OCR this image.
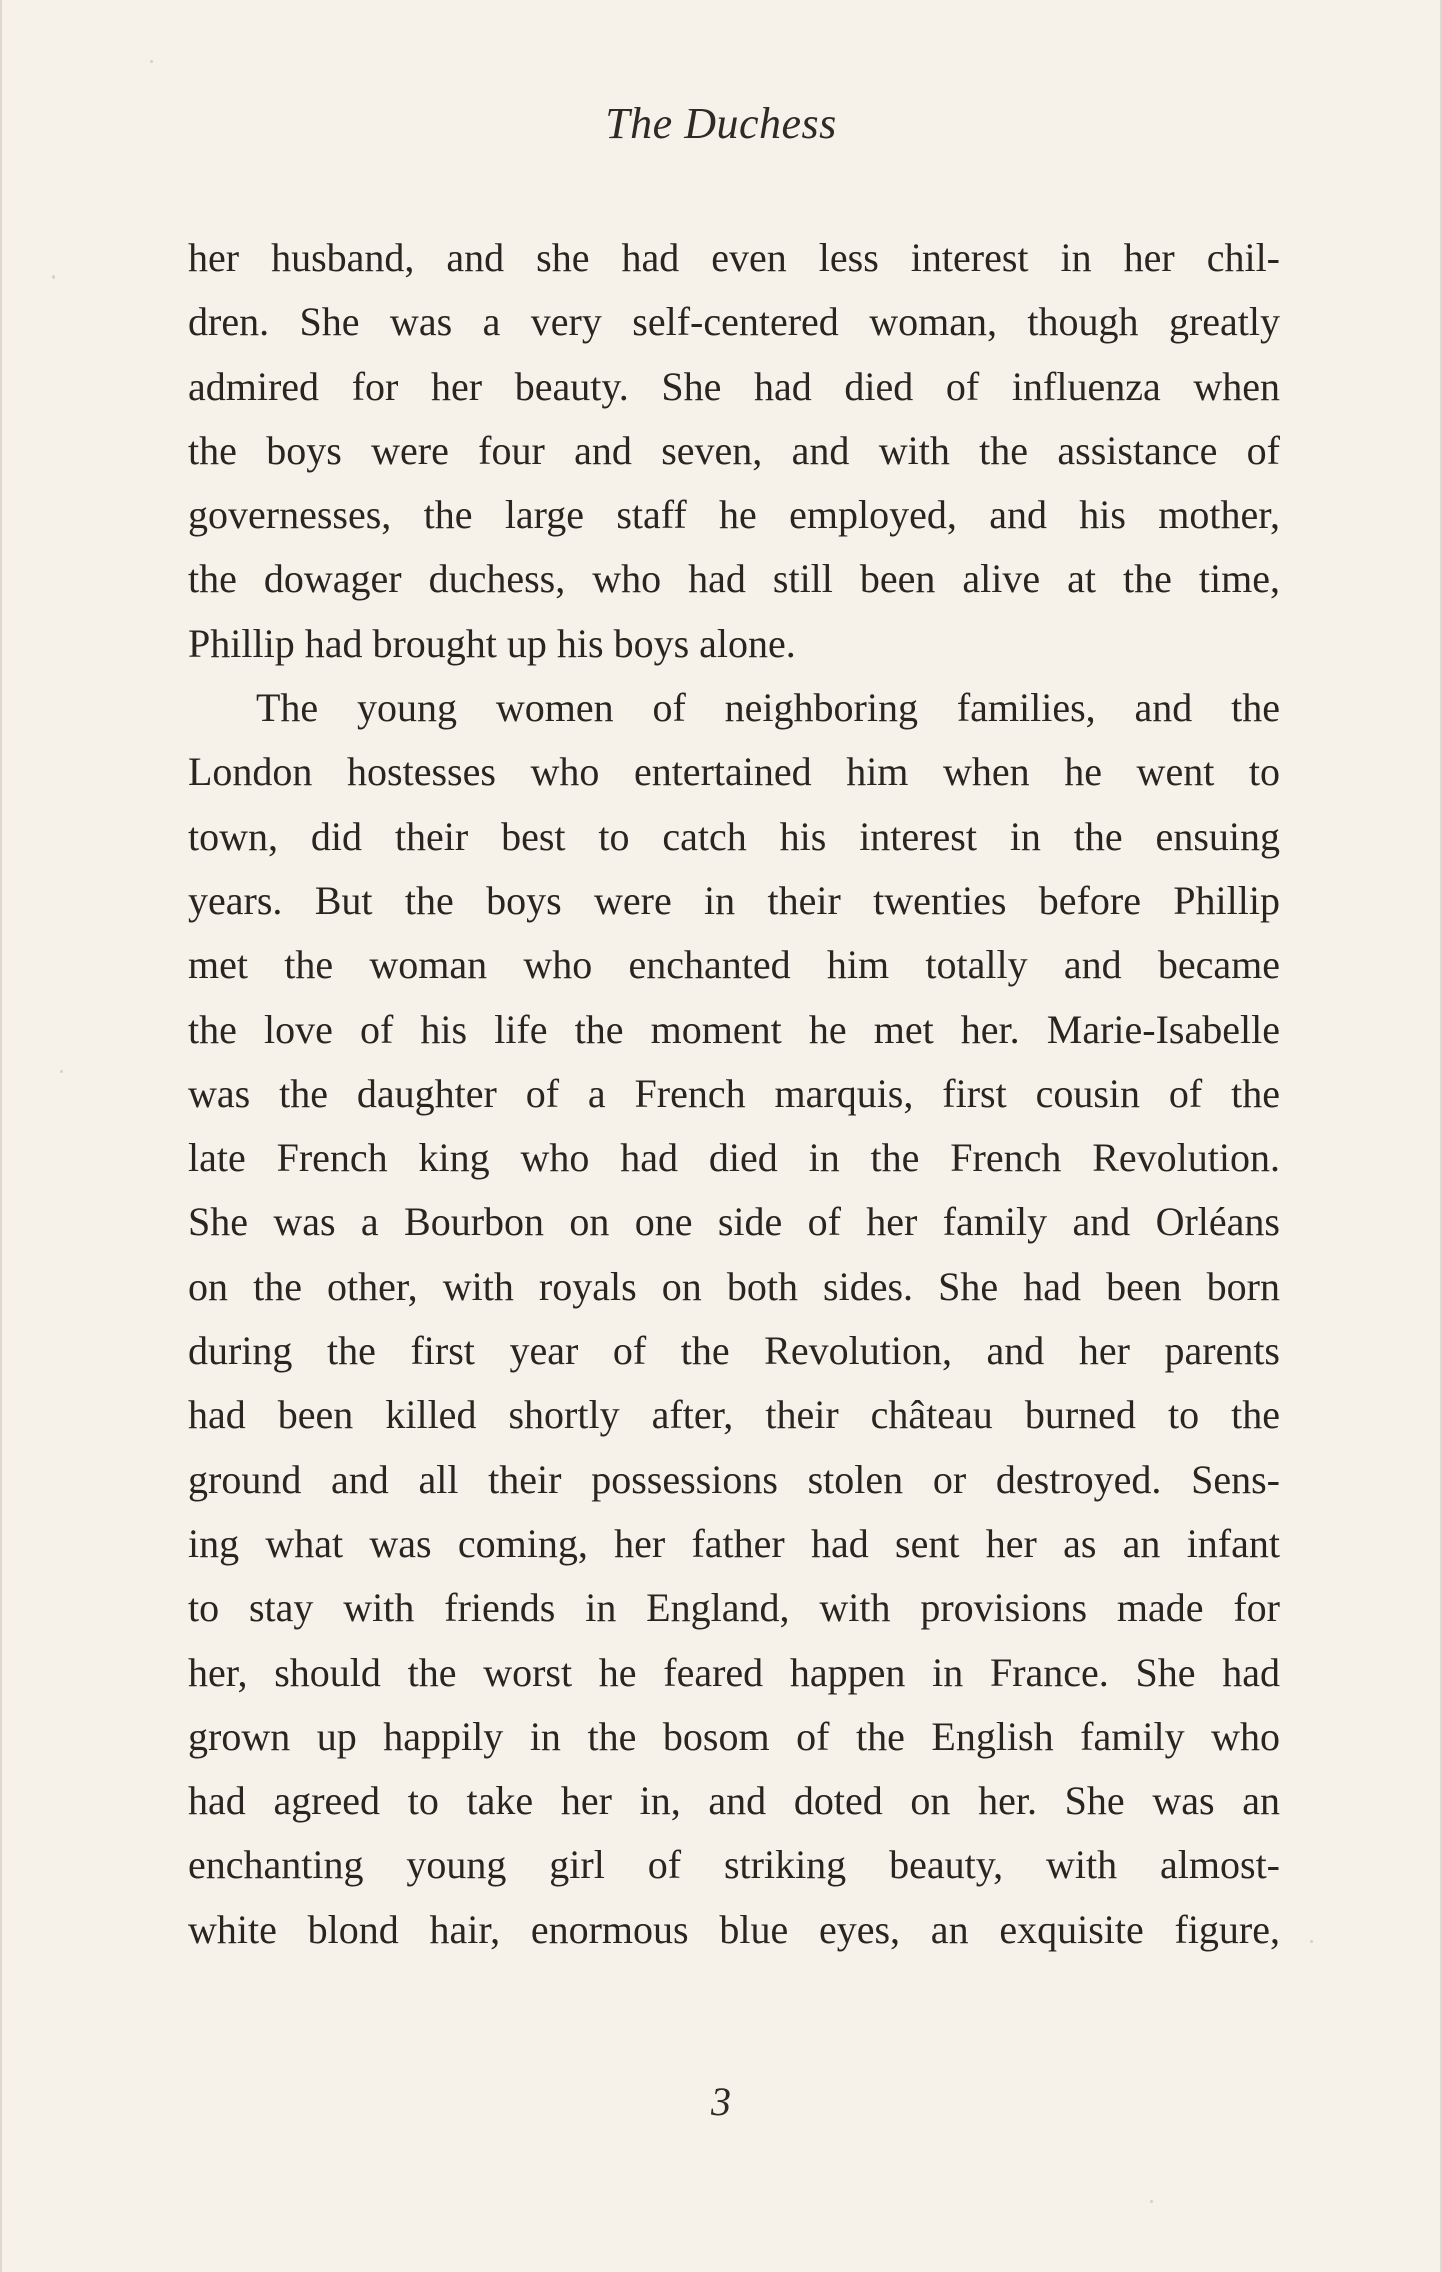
The Duchess
her husband, and she had even less interest in her chil-
dren. She was a very self-centered woman, though greatly
admired for her beauty. She had died of influenza when
the boys were four and seven, and with the assistance of
governesses, the large staff he employed, and his mother,
the dowager duchess, who had still been alive at the time,
Phillip had brought up his boys alone.
The young women of neighboring families, and the
London hostesses who entertained him when he went to
town, did their best to catch his interest in the ensuing
years. But the boys were in their twenties before Phillip
met the woman who enchanted him totally and became
the love of his life the moment he met her. Marie-Isabelle
was the daughter of a French marquis, first cousin of the
late French king who had died in the French Revolution.
She was a Bourbon on one side of her family and Orléans
on the other, with royals on both sides. She had been born
during the first year of the Revolution, and her parents
had been killed shortly after, their château burned to the
ground and all their possessions stolen or destroyed. Sens-
ing what was coming, her father had sent her as an infant
to stay with friends in England, with provisions made for
her, should the worst he feared happen in France. She had
grown up happily in the bosom of the English family who
had agreed to take her in, and doted on her. She was an
enchanting young girl of striking beauty, with almost-
white blond hair, enormous blue eyes, an exquisite figure,
3
